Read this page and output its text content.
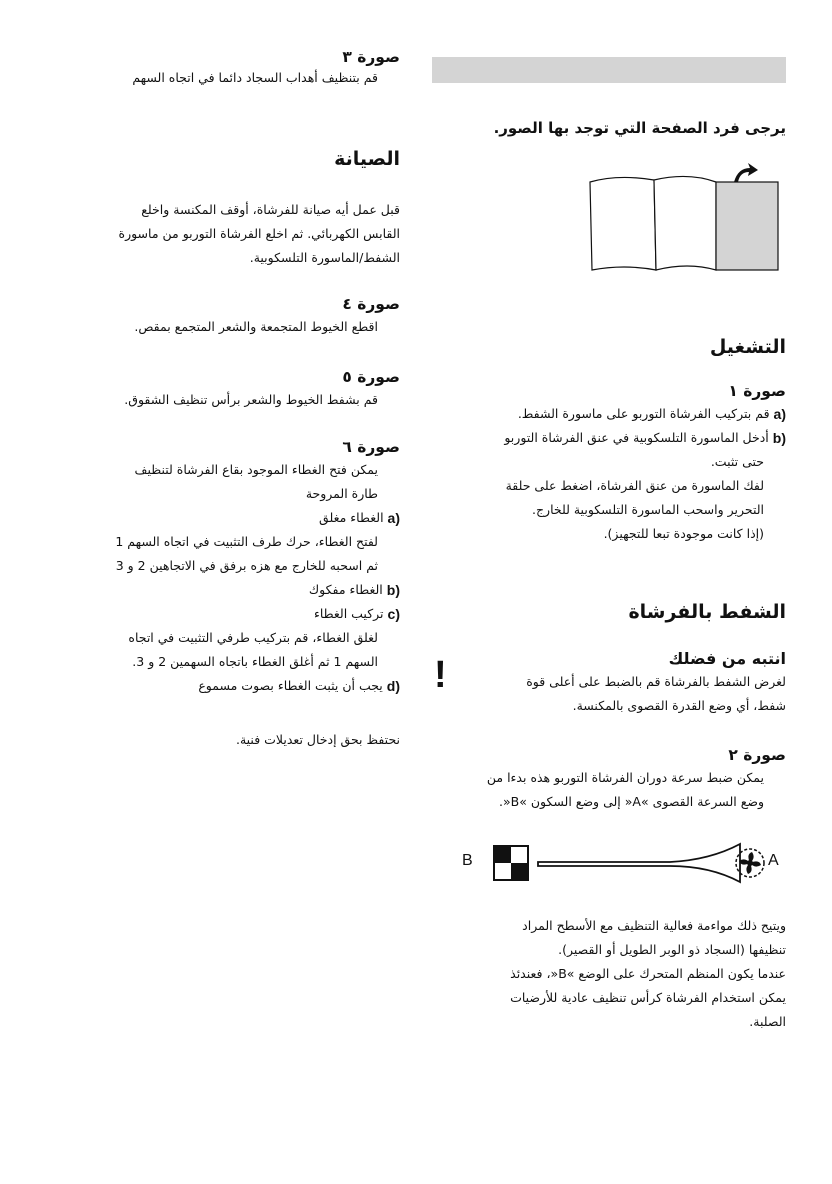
صورة ٣

قم بتنظيف أهداب السجاد دائما في اتجاه السهم

الصيانة

قبل عمل أيه صيانة للفرشاة، أوقف المكنسة واخلع

القابس الكهربائي. ثم اخلع الفرشاة التوربو من ماسورة

الشفط/الماسورة التلسكوبية.

صورة ٤

اقطع الخيوط المتجمعة والشعر المتجمع بمقص.

صورة ٥

قم بشفط الخيوط والشعر برأس تنظيف الشقوق.

صورة ٦

يمكن فتح الغطاء الموجود بقاع الفرشاة لتنظيف

طارة المروحة

a)
الغطاء مغلق

لفتح الغطاء، حرك طرف التثبيت في اتجاه السهم 1

ثم اسحبه للخارج مع هزه برفق في الاتجاهين 2 و 3

b)
الغطاء مفكوك
c)
تركيب الغطاء

لغلق الغطاء، قم بتركيب طرفي التثبيت في اتجاه

السهم 1 ثم أغلق الغطاء باتجاه السهمين 2 و 3.

d)
يجب أن يثبت الغطاء بصوت مسموع

نحتفظ بحق إدخال تعديلات فنية.

يرجى فرد الصفحة التي توجد بها الصور.

التشغيل

صورة ١

a)
قم بتركيب الفرشاة التوربو على ماسورة الشفط.
b)
أدخل الماسورة التلسكوبية في عنق الفرشاة التوربو

حتى تثبت.

لفك الماسورة من عنق الفرشاة، اضغط على حلقة

التحرير واسحب الماسورة التلسكوبية للخارج.

(إذا كانت موجودة تبعا للتجهيز).

الشفط بالفرشاة

!	انتبه من فضلك

لغرض الشفط بالفرشاة قم بالضبط على أعلى قوة

شفط، أي وضع القدرة القصوى بالمكنسة.

صورة ٢

يمكن ضبط سرعة دوران الفرشاة التوربو هذه بدءا من

وضع السرعة القصوى »A« إلى وضع السكون »B«.

B	A

ويتيح ذلك مواءمة فعالية التنظيف مع الأسطح المراد

تنظيفها (السجاد ذو الوبر الطويل أو القصير).

عندما يكون المنظم المتحرك على الوضع »B«، فعندئذ

يمكن استخدام الفرشاة كرأس تنظيف عادية للأرضيات

الصلبة.
